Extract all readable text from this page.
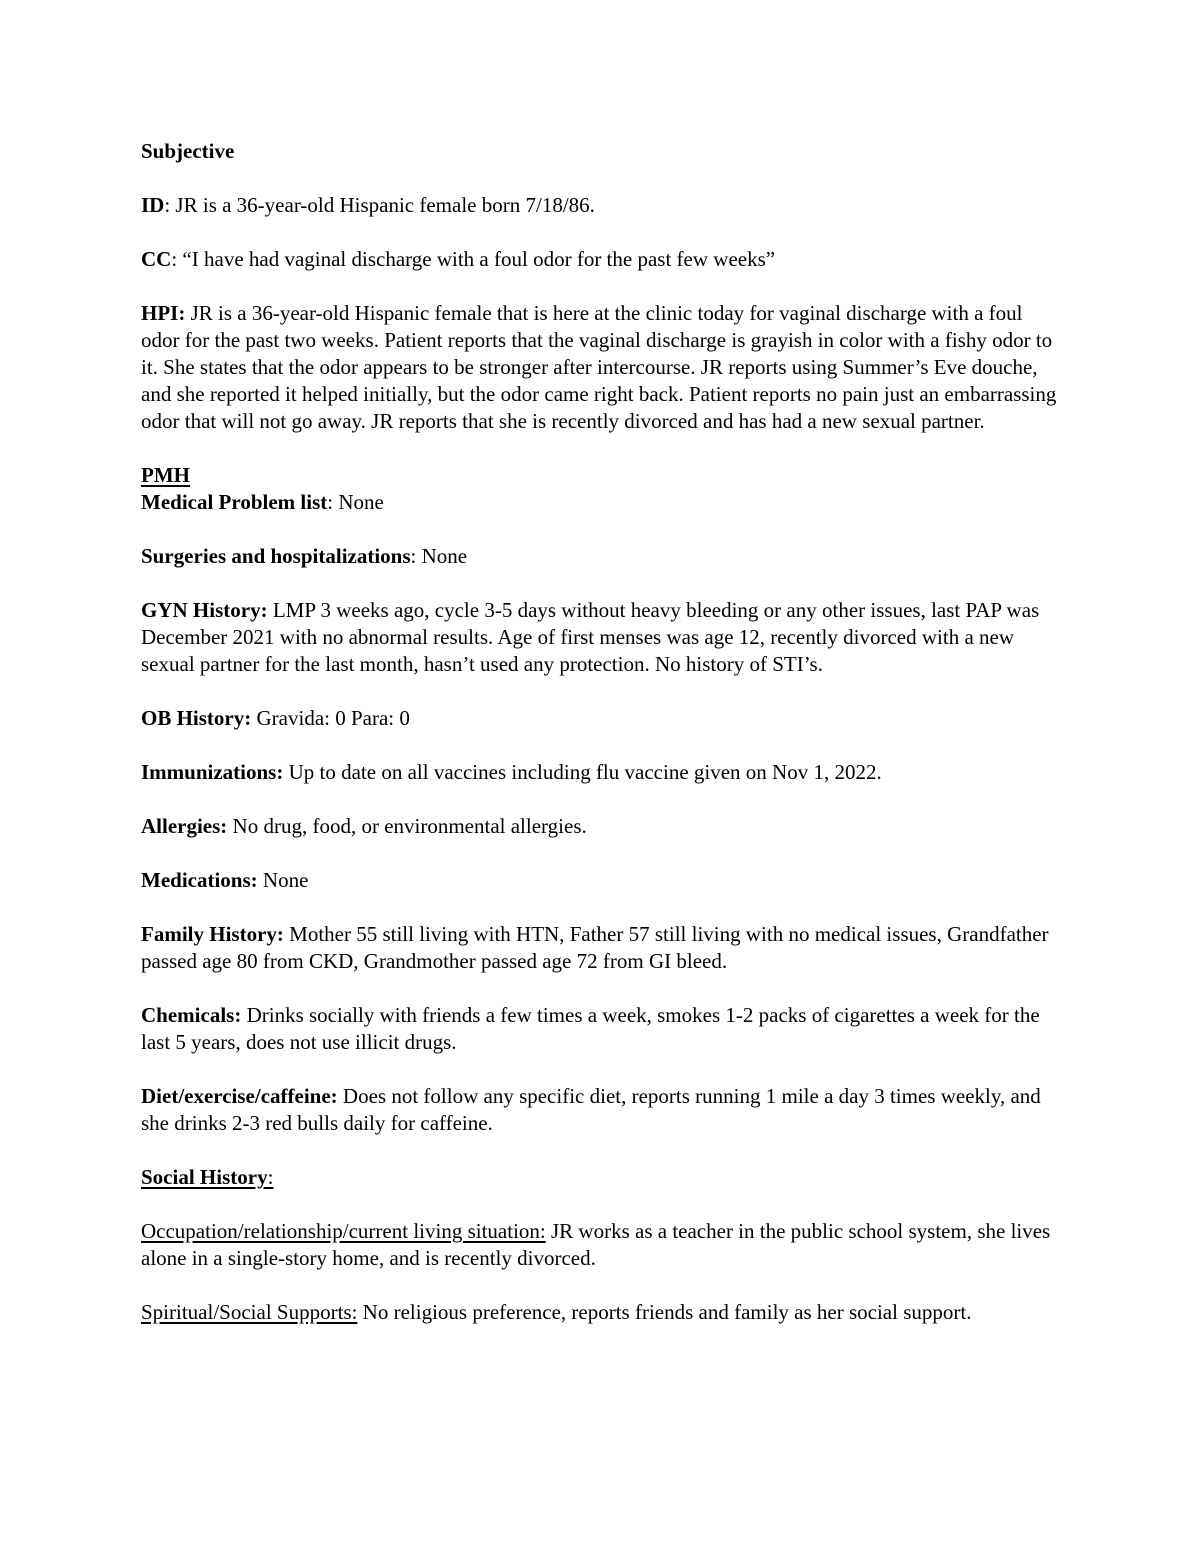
Subjective

ID: JR is a 36-year-old Hispanic female born 7/18/86.

CC: “I have had vaginal discharge with a foul odor for the past few weeks”

HPI: JR is a 36-year-old Hispanic female that is here at the clinic today for vaginal discharge with a foul odor for the past two weeks. Patient reports that the vaginal discharge is grayish in color with a fishy odor to it. She states that the odor appears to be stronger after intercourse. JR reports using Summer’s Eve douche, and she reported it helped initially, but the odor came right back. Patient reports no pain just an embarrassing odor that will not go away. JR reports that she is recently divorced and has had a new sexual partner.

PMH

Medical Problem list: None

Surgeries and hospitalizations: None

GYN History: LMP 3 weeks ago, cycle 3-5 days without heavy bleeding or any other issues, last PAP was December 2021 with no abnormal results. Age of first menses was age 12, recently divorced with a new sexual partner for the last month, hasn’t used any protection. No history of STI’s.

OB History: Gravida: 0 Para: 0

Immunizations: Up to date on all vaccines including flu vaccine given on Nov 1, 2022.

Allergies: No drug, food, or environmental allergies.

Medications: None

Family History: Mother 55 still living with HTN, Father 57 still living with no medical issues, Grandfather passed age 80 from CKD, Grandmother passed age 72 from GI bleed.

Chemicals: Drinks socially with friends a few times a week, smokes 1-2 packs of cigarettes a week for the last 5 years, does not use illicit drugs.

Diet/exercise/caffeine: Does not follow any specific diet, reports running 1 mile a day 3 times weekly, and she drinks 2-3 red bulls daily for caffeine.

Social History:

Occupation/relationship/current living situation: JR works as a teacher in the public school system, she lives alone in a single-story home, and is recently divorced.

Spiritual/Social Supports: No religious preference, reports friends and family as her social support.
